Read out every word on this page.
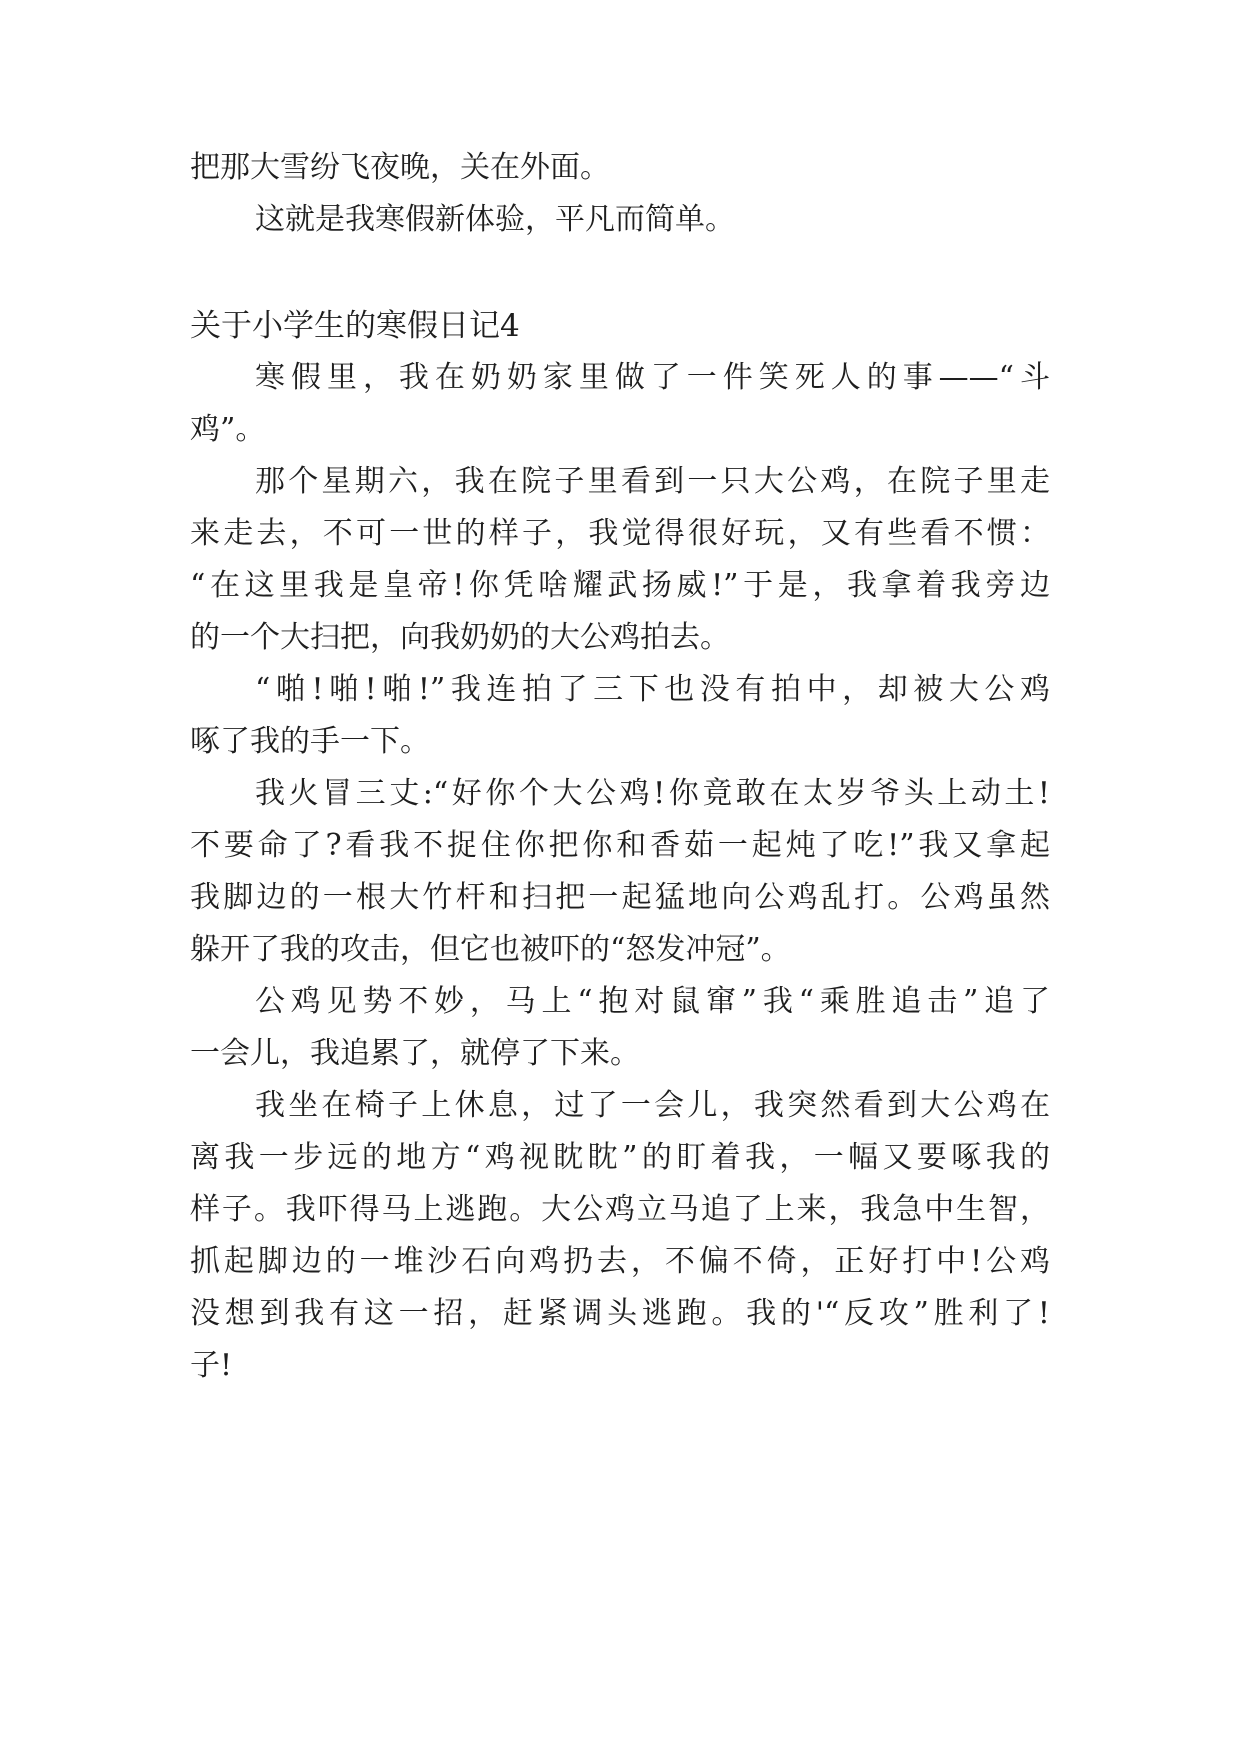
把那大雪纷飞夜晚，关在外面。
这就是我寒假新体验，平凡而简单。
关于小学生的寒假日记4
寒假里，我在奶奶家里做了一件笑死人的事——“斗
鸡”。
那个星期六，我在院子里看到一只大公鸡，在院子里走
来走去，不可一世的样子，我觉得很好玩，又有些看不惯：
“在这里我是皇帝!你凭啥耀武扬威!”于是，我拿着我旁边
的一个大扫把，向我奶奶的大公鸡拍去。
“啪!啪!啪!”我连拍了三下也没有拍中，却被大公鸡
啄了我的手一下。
我火冒三丈:“好你个大公鸡!你竟敢在太岁爷头上动土!
不要命了?看我不捉住你把你和香茹一起炖了吃!”我又拿起
我脚边的一根大竹杆和扫把一起猛地向公鸡乱打。公鸡虽然
躲开了我的攻击，但它也被吓的“怒发冲冠”。
公鸡见势不妙，马上“抱对鼠窜”我“乘胜追击”追了
一会儿，我追累了，就停了下来。
我坐在椅子上休息，过了一会儿，我突然看到大公鸡在
离我一步远的地方“鸡视眈眈”的盯着我，一幅又要啄我的
样子。我吓得马上逃跑。大公鸡立马追了上来，我急中生智，
抓起脚边的一堆沙石向鸡扔去，不偏不倚，正好打中!公鸡
没想到我有这一招，赶紧调头逃跑。我的'“反攻”胜利了!
子!
